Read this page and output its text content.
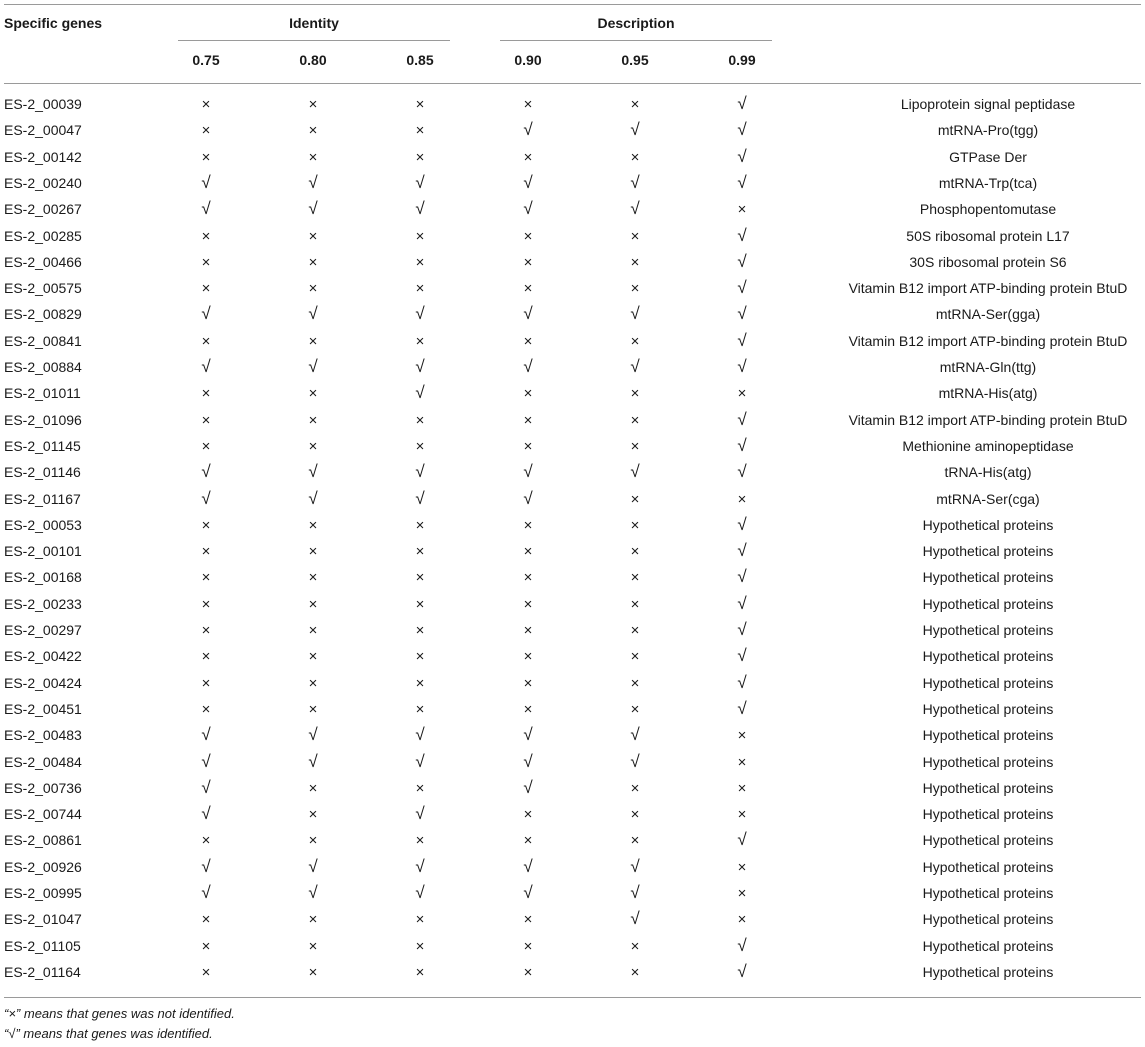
Specific genes	Identity	Description
0.75	0.80	0.85	0.90	0.95	0.99
ES-2_00039	×	×	×	×	×	√	Lipoprotein signal peptidase
ES-2_00047	×	×	×	√	√	√	mtRNA-Pro(tgg)
ES-2_00142	×	×	×	×	×	√	GTPase Der
ES-2_00240	√	√	√	√	√	√	mtRNA-Trp(tca)
ES-2_00267	√	√	√	√	√	×	Phosphopentomutase
ES-2_00285	×	×	×	×	×	√	50S ribosomal protein L17
ES-2_00466	×	×	×	×	×	√	30S ribosomal protein S6
ES-2_00575	×	×	×	×	×	√	Vitamin B12 import ATP-binding protein BtuD
ES-2_00829	√	√	√	√	√	√	mtRNA-Ser(gga)
ES-2_00841	×	×	×	×	×	√	Vitamin B12 import ATP-binding protein BtuD
ES-2_00884	√	√	√	√	√	√	mtRNA-Gln(ttg)
ES-2_01011	×	×	√	×	×	×	mtRNA-His(atg)
ES-2_01096	×	×	×	×	×	√	Vitamin B12 import ATP-binding protein BtuD
ES-2_01145	×	×	×	×	×	√	Methionine aminopeptidase
ES-2_01146	√	√	√	√	√	√	tRNA-His(atg)
ES-2_01167	√	√	√	√	×	×	mtRNA-Ser(cga)
ES-2_00053	×	×	×	×	×	√	Hypothetical proteins
ES-2_00101	×	×	×	×	×	√	Hypothetical proteins
ES-2_00168	×	×	×	×	×	√	Hypothetical proteins
ES-2_00233	×	×	×	×	×	√	Hypothetical proteins
ES-2_00297	×	×	×	×	×	√	Hypothetical proteins
ES-2_00422	×	×	×	×	×	√	Hypothetical proteins
ES-2_00424	×	×	×	×	×	√	Hypothetical proteins
ES-2_00451	×	×	×	×	×	√	Hypothetical proteins
ES-2_00483	√	√	√	√	√	×	Hypothetical proteins
ES-2_00484	√	√	√	√	√	×	Hypothetical proteins
ES-2_00736	√	×	×	√	×	×	Hypothetical proteins
ES-2_00744	√	×	√	×	×	×	Hypothetical proteins
ES-2_00861	×	×	×	×	×	√	Hypothetical proteins
ES-2_00926	√	√	√	√	√	×	Hypothetical proteins
ES-2_00995	√	√	√	√	√	×	Hypothetical proteins
ES-2_01047	×	×	×	×	√	×	Hypothetical proteins
ES-2_01105	×	×	×	×	×	√	Hypothetical proteins
ES-2_01164	×	×	×	×	×	√	Hypothetical proteins
“×” means that genes was not identified.
“√” means that genes was identified.
